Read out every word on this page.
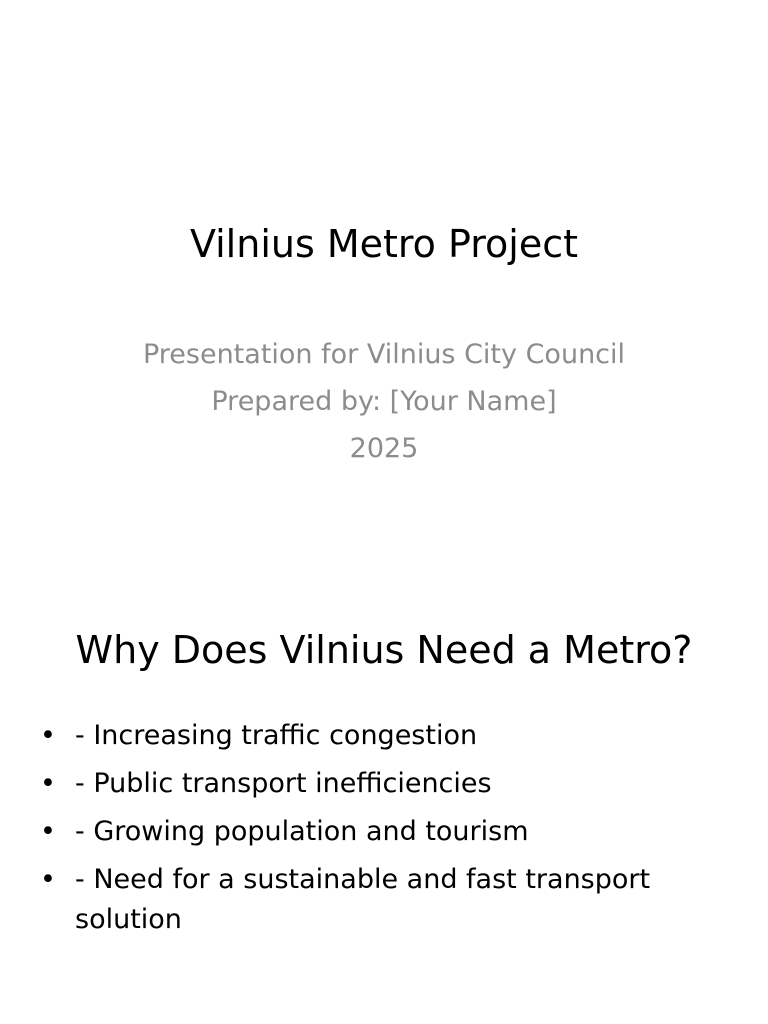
Vilnius Metro Project
Presentation for Vilnius City Council
Prepared by: [Your Name]
2025
Why Does Vilnius Need a Metro?
• - Increasing traffic congestion
• - Public transport inefficiencies
• - Growing population and tourism
• - Need for a sustainable and fast transport solution
